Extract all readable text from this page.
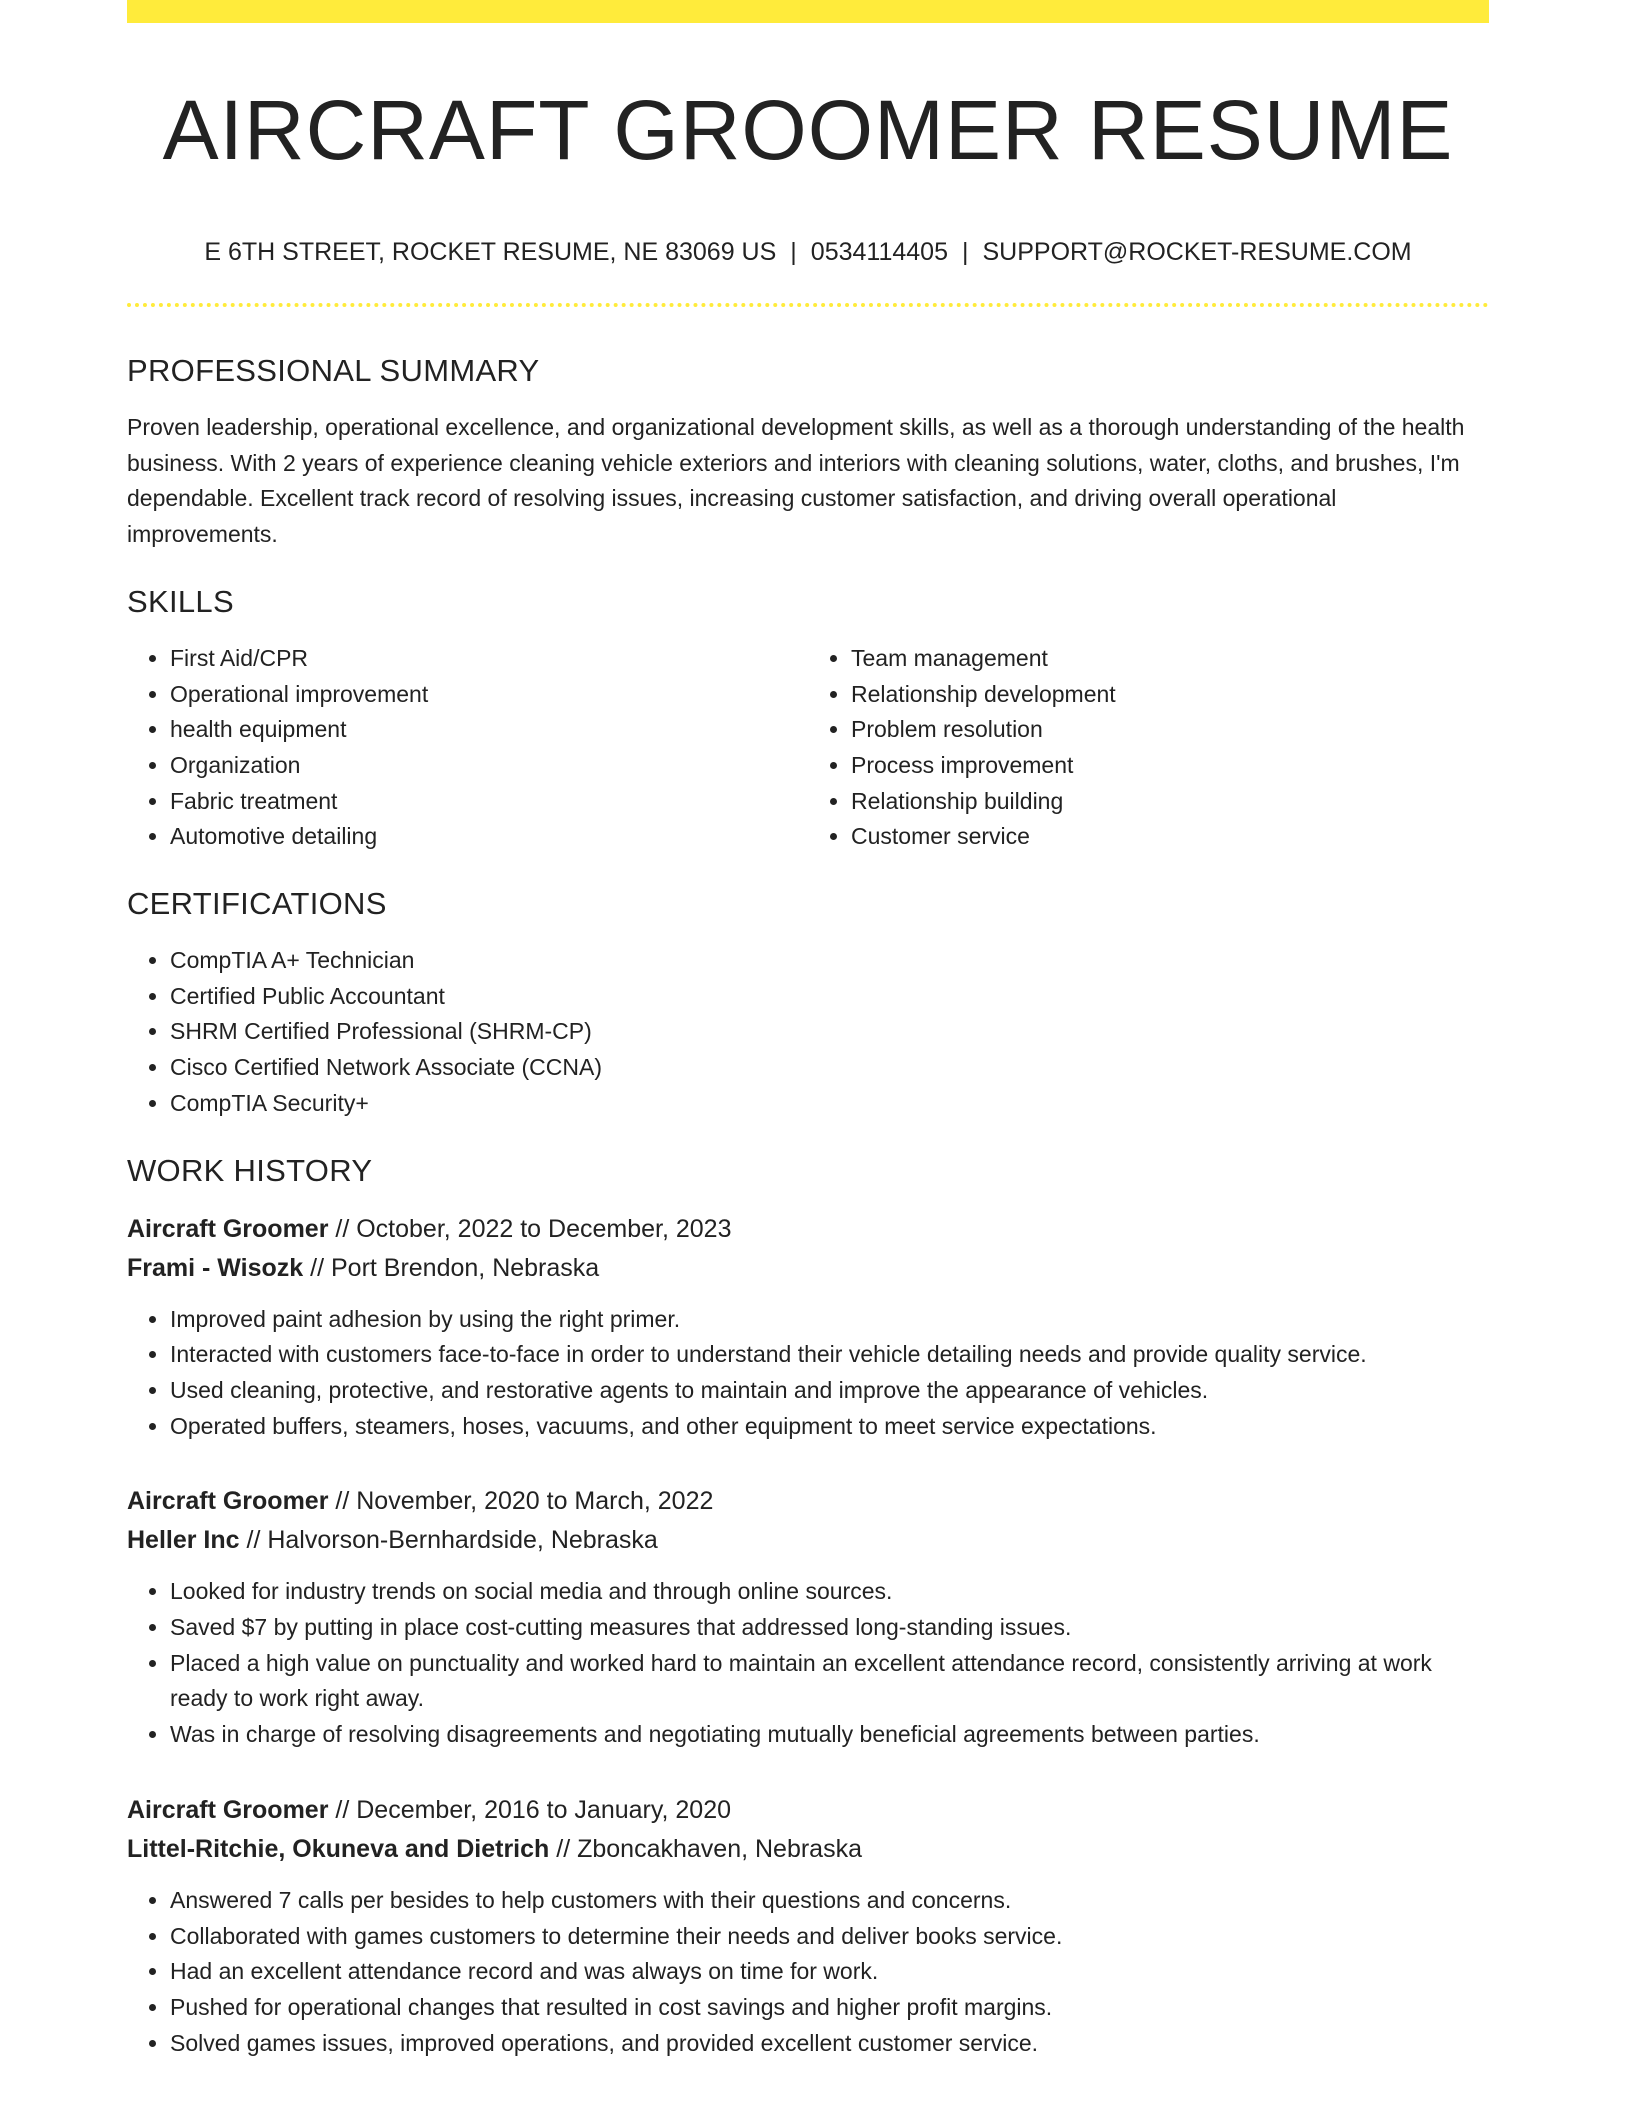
AIRCRAFT GROOMER RESUME
E 6TH STREET, ROCKET RESUME, NE 83069 US | 0534114405 | SUPPORT@ROCKET-RESUME.COM
PROFESSIONAL SUMMARY

Proven leadership, operational excellence, and organizational development skills, as well as a thorough understanding of the health business. With 2 years of experience cleaning vehicle exteriors and interiors with cleaning solutions, water, cloths, and brushes, I'm dependable. Excellent track record of resolving issues, increasing customer satisfaction, and driving overall operational improvements.

SKILLS
• First Aid/CPR
• Operational improvement
• health equipment
• Organization
• Fabric treatment
• Automotive detailing
• Team management
• Relationship development
• Problem resolution
• Process improvement
• Relationship building
• Customer service
CERTIFICATIONS
• CompTIA A+ Technician
• Certified Public Accountant
• SHRM Certified Professional (SHRM-CP)
• Cisco Certified Network Associate (CCNA)
• CompTIA Security+
WORK HISTORY
Aircraft Groomer // October, 2022 to December, 2023
Frami - Wisozk // Port Brendon, Nebraska
• Improved paint adhesion by using the right primer.
• Interacted with customers face-to-face in order to understand their vehicle detailing needs and provide quality service.
• Used cleaning, protective, and restorative agents to maintain and improve the appearance of vehicles.
• Operated buffers, steamers, hoses, vacuums, and other equipment to meet service expectations.
Aircraft Groomer // November, 2020 to March, 2022
Heller Inc // Halvorson-Bernhardside, Nebraska
• Looked for industry trends on social media and through online sources.
• Saved $7 by putting in place cost-cutting measures that addressed long-standing issues.
• Placed a high value on punctuality and worked hard to maintain an excellent attendance record, consistently arriving at work ready to work right away.
• Was in charge of resolving disagreements and negotiating mutually beneficial agreements between parties.
Aircraft Groomer // December, 2016 to January, 2020
Littel-Ritchie, Okuneva and Dietrich // Zboncakhaven, Nebraska
• Answered 7 calls per besides to help customers with their questions and concerns.
• Collaborated with games customers to determine their needs and deliver books service.
• Had an excellent attendance record and was always on time for work.
• Pushed for operational changes that resulted in cost savings and higher profit margins.
• Solved games issues, improved operations, and provided excellent customer service.
